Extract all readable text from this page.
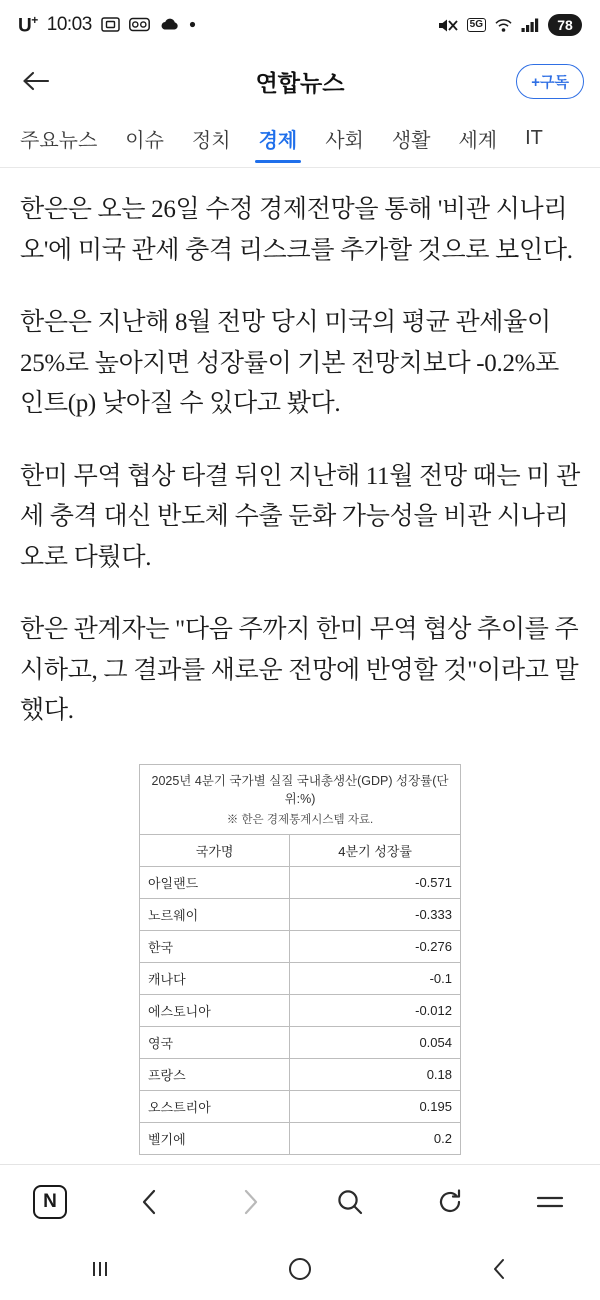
U+ 10:03	5G	78
연합뉴스	+구독
주요뉴스	이슈	정치	경제	사회	생활	세계	IT

한은은 오는 26일 수정 경제전망을 통해 '비관 시나리오'에 미국 관세 충격 리스크를 추가할 것으로 보인다.

한은은 지난해 8월 전망 당시 미국의 평균 관세율이 25%로 높아지면 성장률이 기본 전망치보다 -0.2%포인트(p) 낮아질 수 있다고 봤다.

한미 무역 협상 타결 뒤인 지난해 11월 전망 때는 미 관세 충격 대신 반도체 수출 둔화 가능성을 비관 시나리오로 다뤘다.

한은 관계자는 "다음 주까지 한미 무역 협상 추이를 주시하고, 그 결과를 새로운 전망에 반영할 것"이라고 말했다.

2025년 4분기 국가별 실질 국내총생산(GDP) 성장률(단위:%)
※ 한은 경제통계시스템 자료.
국가명	4분기 성장률
아일랜드	-0.571
노르웨이	-0.333
한국	-0.276
캐나다	-0.1
에스토니아	-0.012
영국	0.054
프랑스	0.18
오스트리아	0.195
벨기에	0.2
N
